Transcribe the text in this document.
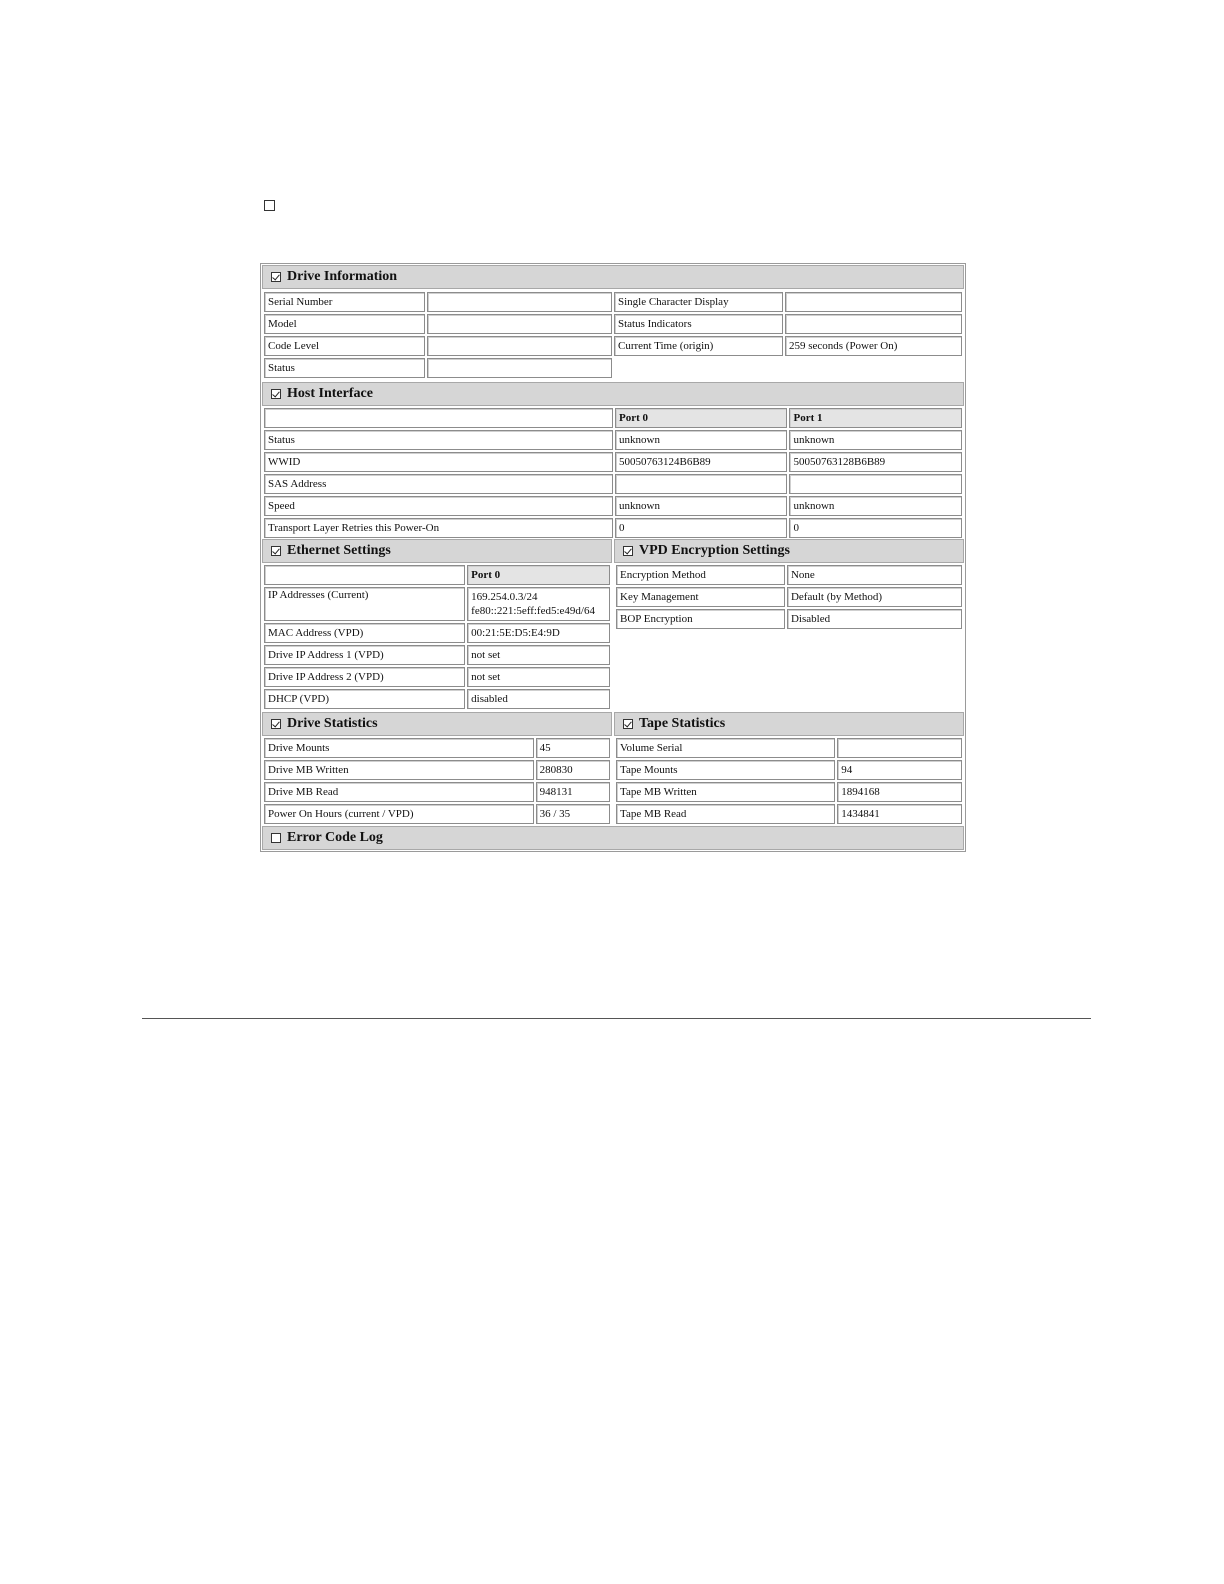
Drive Information
Serial Number		Single Character Display	
Model		Status Indicators	
Code Level		Current Time (origin)	259 seconds (Power On)
Status			
Host Interface
	Port 0	Port 1
Status	unknown	unknown
WWID	50050763124B6B89	50050763128B6B89
SAS Address		
Speed	unknown	unknown
Transport Layer Retries this Power-On	0	0
Ethernet Settings
	Port 0
IP Addresses (Current)	169.254.0.3/24
fe80::221:5eff:fed5:e49d/64

MAC Address (VPD)	00:21:5E:D5:E4:9D
Drive IP Address 1 (VPD)	not set
Drive IP Address 2 (VPD)	not set
DHCP (VPD)	disabled
VPD Encryption Settings
Encryption Method	None
Key Management	Default (by Method)
BOP Encryption	Disabled
Drive Statistics
Drive Mounts	45
Drive MB Written	280830
Drive MB Read	948131
Power On Hours (current / VPD)	36 / 35
Tape Statistics
Volume Serial	
Tape Mounts	94
Tape MB Written	1894168
Tape MB Read	1434841
Error Code Log
